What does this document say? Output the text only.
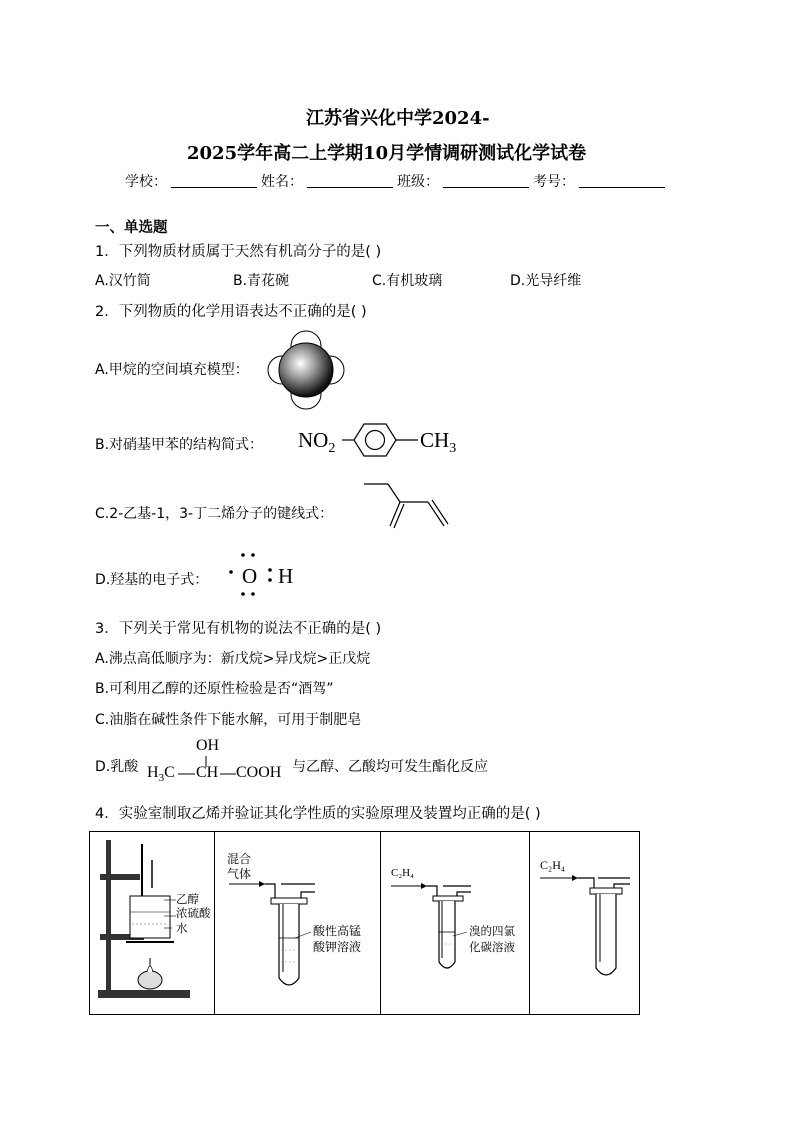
江苏省兴化中学2024-
2025学年高二上学期10月学情调研测试化学试卷
学校：	姓名：	班级：	考号：
一、单选题
1．下列物质材质属于天然有机高分子的是( )
A.汉竹简	B.青花碗	C.有机玻璃	D.光导纤维
2．下列物质的化学用语表达不正确的是( )
A.甲烷的空间填充模型：
B.对硝基甲苯的结构简式： $NO_2$	$CH_3$
C.2-乙基-1，3-丁二烯分子的键线式：
D.羟基的电子式： O H
3．下列关于常见有机物的说法不正确的是( )
A.沸点高低顺序为：新戊烷>异戊烷>正戊烷
B.可利用乙醇的还原性检验是否“酒驾”
C.油脂在碱性条件下能水解，可用于制肥皂
D.乳酸
OH
$H_3C$ CH COOH 与乙醇、乙酸均可发生酯化反应
4．实验室制取乙烯并验证其化学性质的实验原理及装置均正确的是( )
乙醇
浓硫酸
水
混合
气体
酸性高锰
酸钾溶液
C₂H₄
溴的四氯
化碳溶液
C₂H₄
